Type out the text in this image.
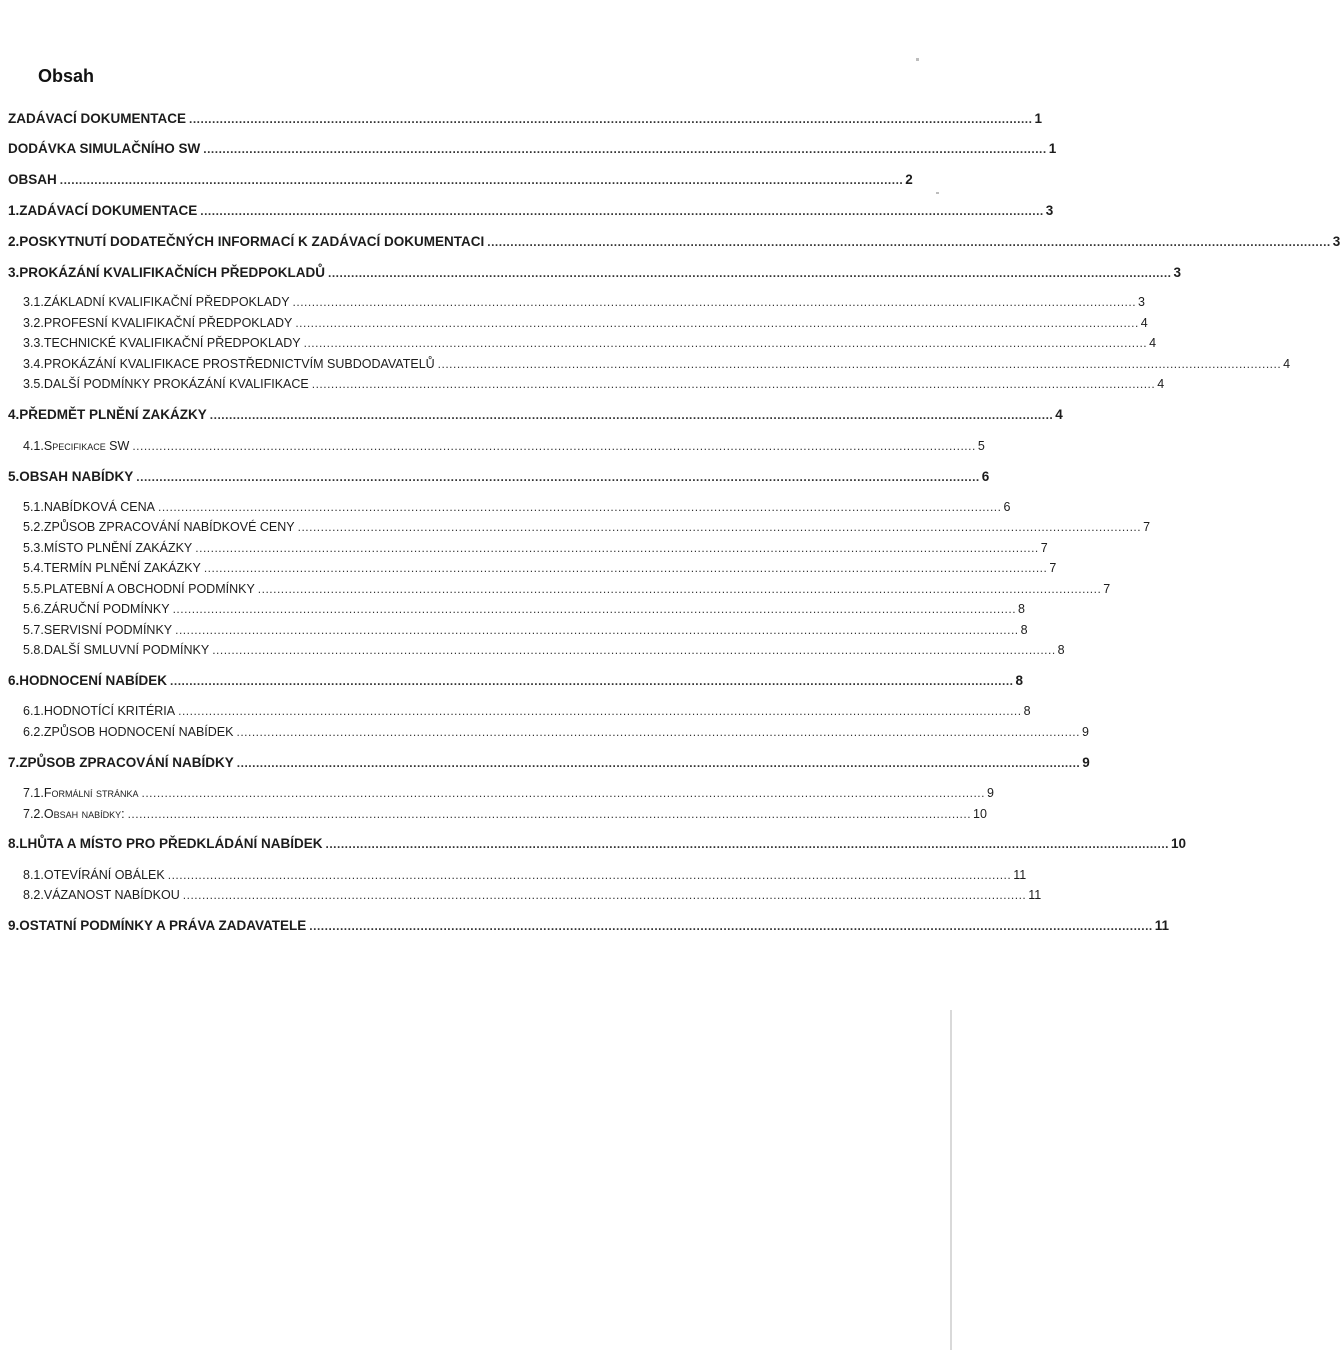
Obsah
ZADÁVACÍ DOKUMENTACE ............................................................................................................................................................................................................................ 1
DODÁVKA SIMULAČNÍHO SW ............................................................................................................................................................................................................................ 1
OBSAH ............................................................................................................................................................................................................................ 2
1. ZADÁVACÍ DOKUMENTACE ............................................................................................................................................................................................................................ 3
2. POSKYTNUTÍ DODATEČNÝCH INFORMACÍ K ZADÁVACÍ DOKUMENTACI ............................................................................................................................................................................................................................ 3
3. PROKÁZÁNÍ KVALIFIKAČNÍCH PŘEDPOKLADŮ ............................................................................................................................................................................................................................ 3
3.1. ZÁKLADNÍ KVALIFIKAČNÍ PŘEDPOKLADY ............................................................................................................................................................................................................................ 3
3.2. PROFESNÍ KVALIFIKAČNÍ PŘEDPOKLADY ............................................................................................................................................................................................................................ 4
3.3. TECHNICKÉ KVALIFIKAČNÍ PŘEDPOKLADY ............................................................................................................................................................................................................................ 4
3.4. PROKÁZÁNÍ KVALIFIKACE PROSTŘEDNICTVÍM SUBDODAVATELŮ ............................................................................................................................................................................................................................ 4
3.5. DALŠÍ PODMÍNKY PROKÁZÁNÍ KVALIFIKACE ............................................................................................................................................................................................................................ 4
4. PŘEDMĚT PLNĚNÍ ZAKÁZKY ............................................................................................................................................................................................................................ 4
4.1. Specifikace SW ............................................................................................................................................................................................................................ 5
5. OBSAH NABÍDKY ............................................................................................................................................................................................................................ 6
5.1. NABÍDKOVÁ CENA ............................................................................................................................................................................................................................ 6
5.2. ZPŮSOB ZPRACOVÁNÍ NABÍDKOVÉ CENY ............................................................................................................................................................................................................................ 7
5.3. MÍSTO PLNĚNÍ ZAKÁZKY ............................................................................................................................................................................................................................ 7
5.4. TERMÍN PLNĚNÍ ZAKÁZKY ............................................................................................................................................................................................................................ 7
5.5. PLATEBNÍ A OBCHODNÍ PODMÍNKY ............................................................................................................................................................................................................................ 7
5.6. ZÁRUČNÍ PODMÍNKY ............................................................................................................................................................................................................................ 8
5.7. SERVISNÍ PODMÍNKY ............................................................................................................................................................................................................................ 8
5.8. DALŠÍ SMLUVNÍ PODMÍNKY ............................................................................................................................................................................................................................ 8
6. HODNOCENÍ NABÍDEK ............................................................................................................................................................................................................................ 8
6.1. HODNOTÍCÍ KRITÉRIA ............................................................................................................................................................................................................................ 8
6.2. ZPŮSOB HODNOCENÍ NABÍDEK ............................................................................................................................................................................................................................ 9
7. ZPŮSOB ZPRACOVÁNÍ NABÍDKY ............................................................................................................................................................................................................................ 9
7.1. Formální stránka ............................................................................................................................................................................................................................ 9
7.2. Obsah nabídky: ............................................................................................................................................................................................................................ 10
8. LHŮTA A MÍSTO PRO PŘEDKLÁDÁNÍ NABÍDEK ............................................................................................................................................................................................................................ 10
8.1. OTEVÍRÁNÍ OBÁLEK ............................................................................................................................................................................................................................ 11
8.2. VÁZANOST NABÍDKOU ............................................................................................................................................................................................................................ 11
9. OSTATNÍ PODMÍNKY A PRÁVA ZADAVATELE ............................................................................................................................................................................................................................ 11
